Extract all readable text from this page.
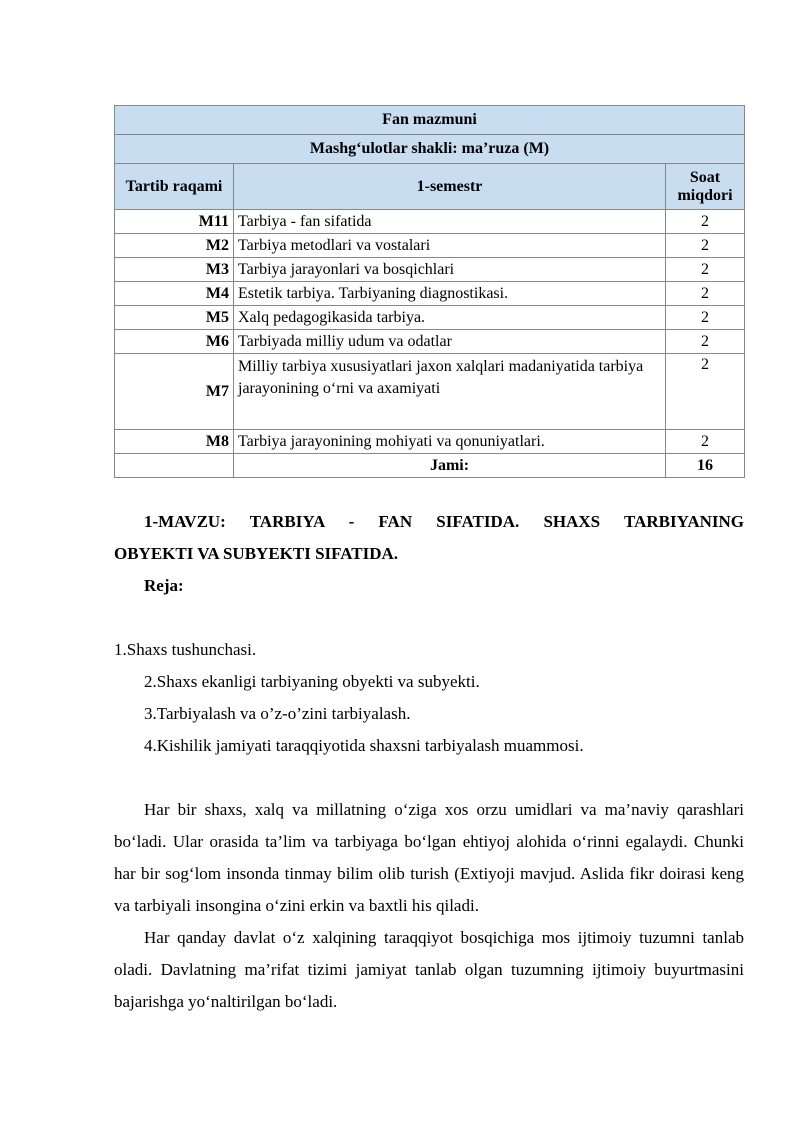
Fan mazmuni		
Mashg‘ulotlar shakli: ma’ruza (M)		
Tartib raqami	1-semestr	Soat miqdori
M11	Tarbiya - fan sifatida	2
M2	Tarbiya metodlari va vostalari	2
M3	Tarbiya jarayonlari va bosqichlari	2
M4	Estetik tarbiya. Tarbiyaning diagnostikasi.	2
M5	Xalq pedagogikasida tarbiya.	2
M6	Tarbiyada milliy udum va odatlar	2
M7	Milliy tarbiya xususiyatlari jaxon xalqlari madaniyatida tarbiya jarayonining o‘rni va axamiyati	2
M8	Tarbiya jarayonining mohiyati va qonuniyatlari.	2
	Jami:	16
1-MAVZU: TARBIYA - FAN SIFATIDA. SHAXS TARBIYANING
OBYEKTI VA SUBYEKTI SIFATIDA.
Reja:
1.Shaxs tushunchasi.
2.Shaxs ekanligi tarbiyaning obyekti va subyekti.
3.Tarbiyalash va o’z-o’zini tarbiyalash.
4.Kishilik jamiyati taraqqiyotida shaxsni tarbiyalash muammosi.
Har bir shaxs, xalq va millatning o‘ziga xos orzu umidlari va ma’naviy qarashlari bo‘ladi. Ular orasida ta’lim va tarbiyaga bo‘lgan ehtiyoj alohida o‘rinni egalaydi. Chunki har bir sog‘lom insonda tinmay bilim olib turish (Extiyoji mavjud. Aslida fikr doirasi keng va tarbiyali insongina o‘zini erkin va baxtli his qiladi.
Har qanday davlat o‘z xalqining taraqqiyot bosqichiga mos ijtimoiy tuzumni tanlab oladi. Davlatning ma’rifat tizimi jamiyat tanlab olgan tuzumning ijtimoiy buyurtmasini bajarishga yo‘naltirilgan bo‘ladi.
